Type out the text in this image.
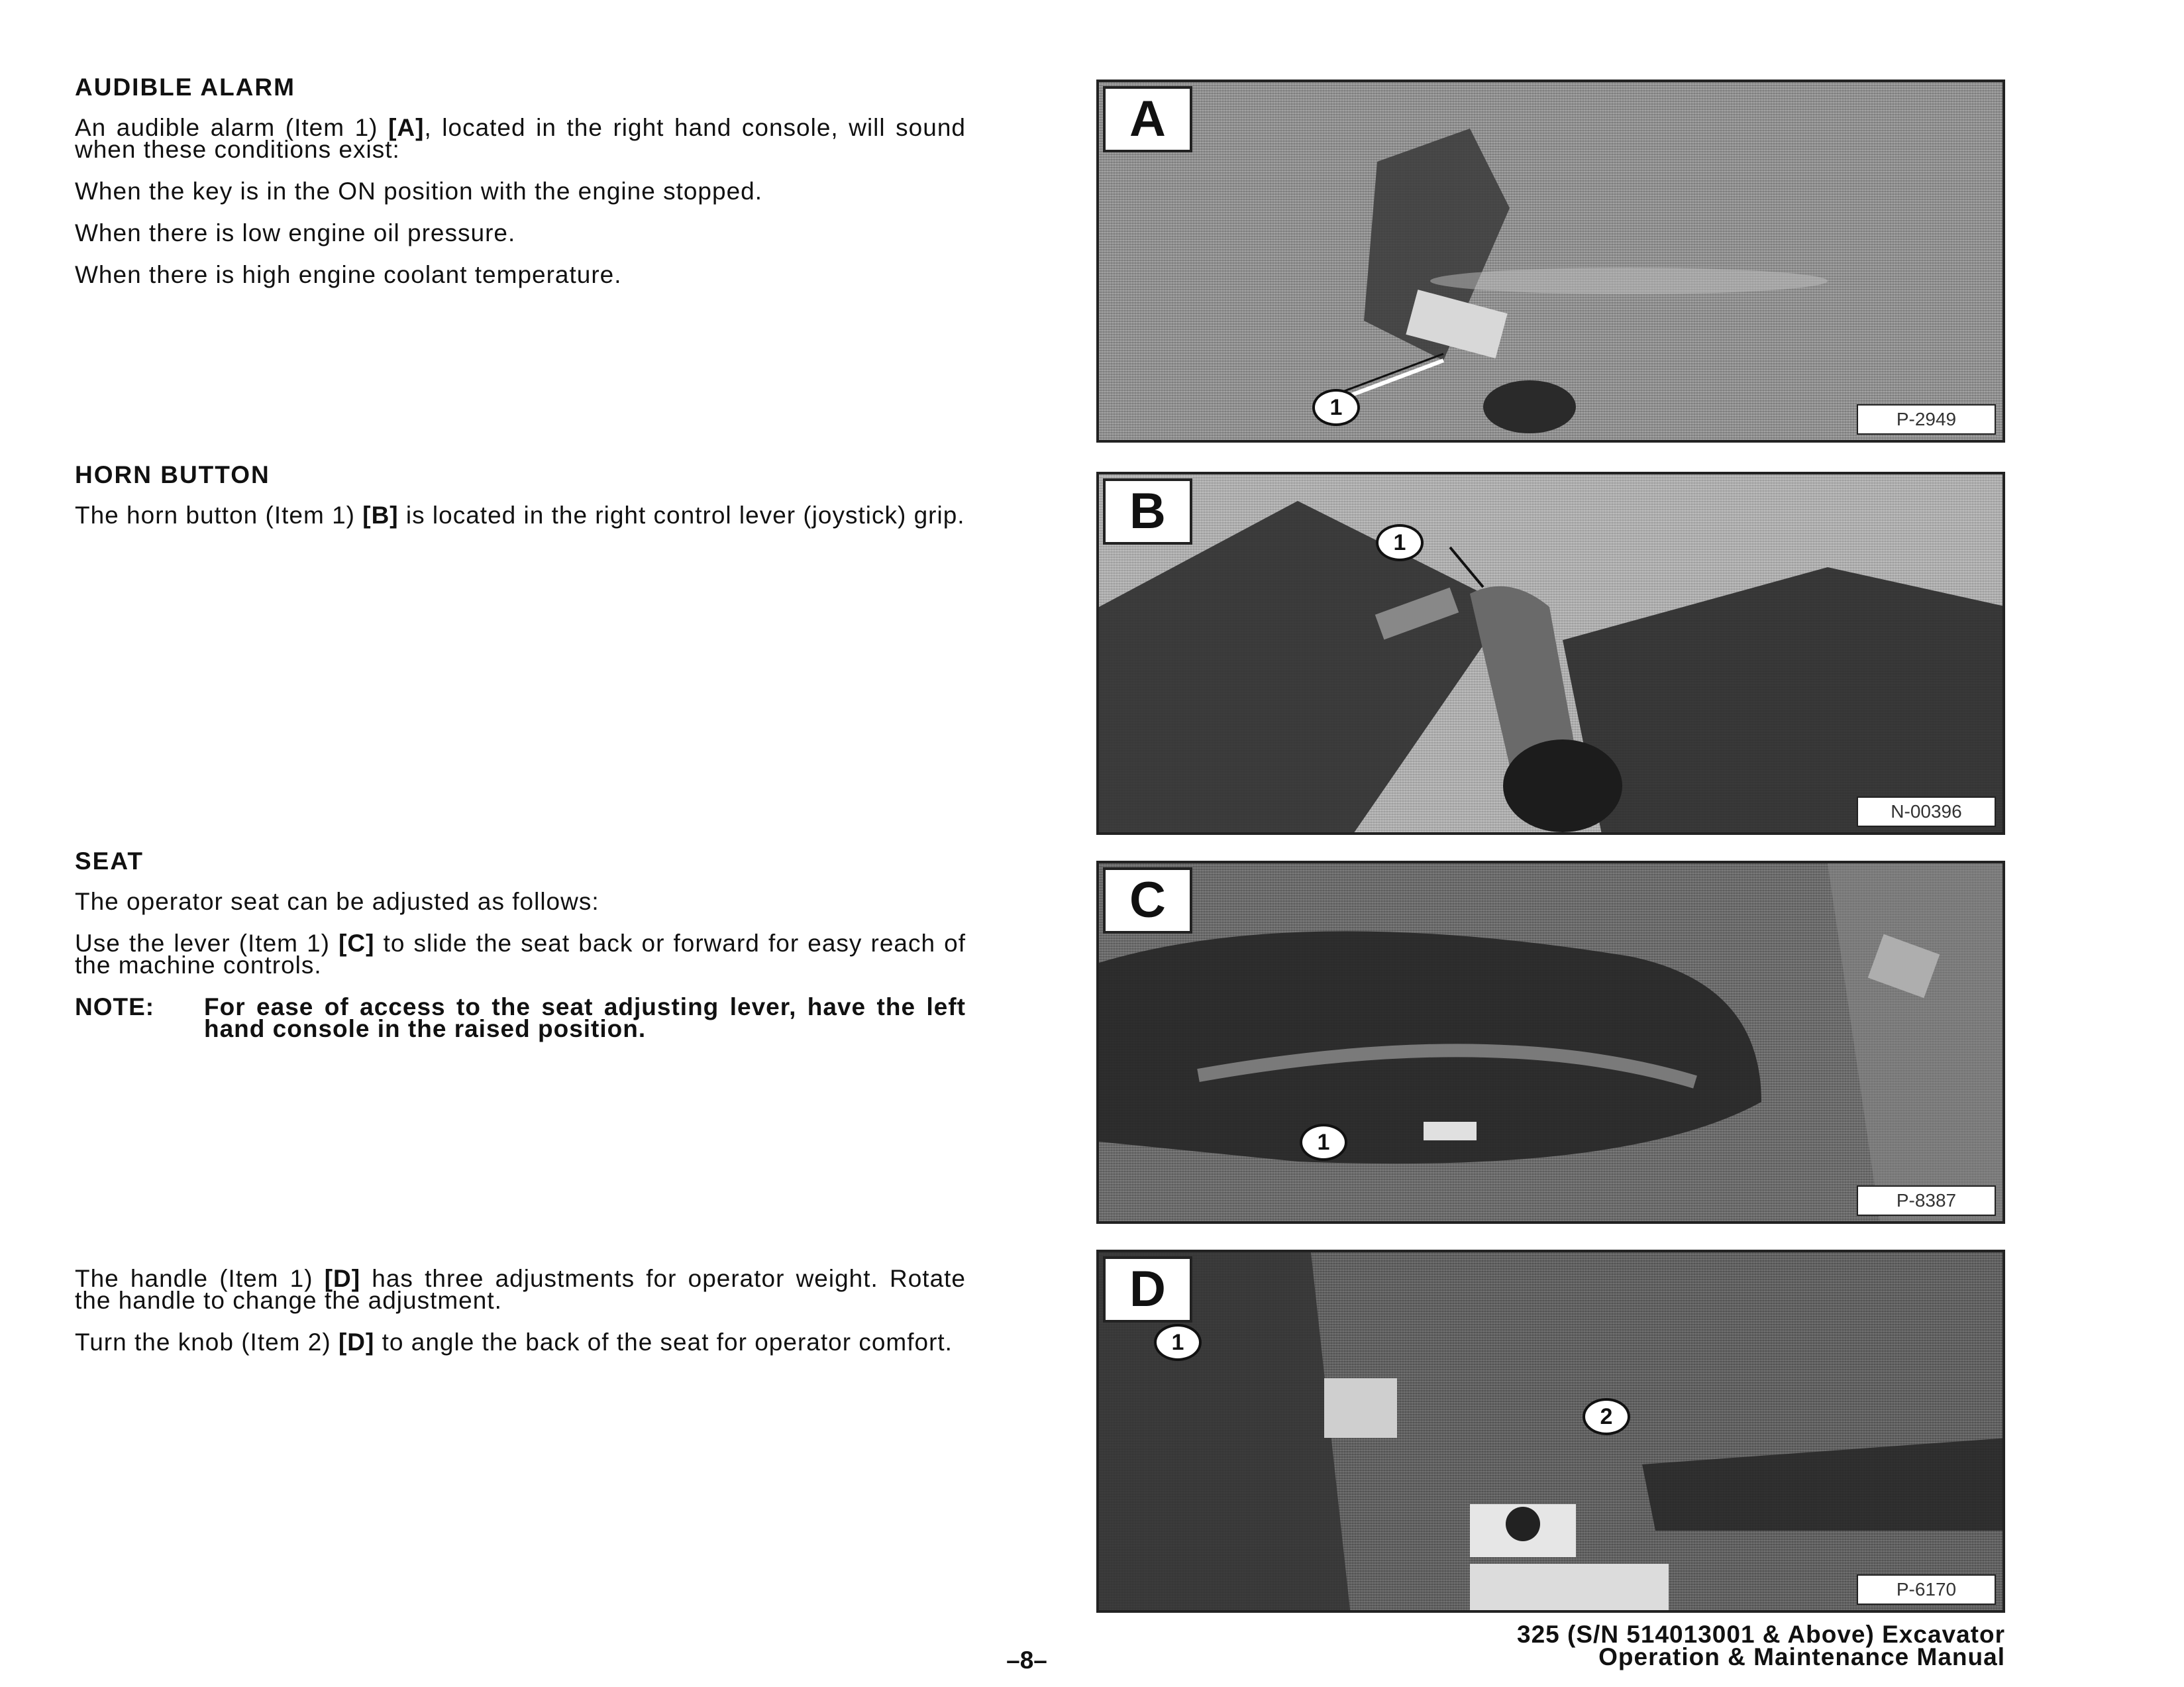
AUDIBLE ALARM

An audible alarm (Item 1) [A], located in the right hand console, will sound when these conditions exist:

When the key is in the ON position with the engine stopped.

When there is low engine oil pressure.

When there is high engine coolant temperature.

HORN BUTTON

The horn button (Item 1) [B] is located in the right control lever (joystick) grip.

SEAT

The operator seat can be adjusted as follows:

Use the lever (Item 1) [C] to slide the seat back or forward for easy reach of the machine controls.

NOTE:	For ease of access to the seat adjusting lever, have the left hand console in the raised position.

The handle (Item 1) [D] has three adjustments for operator weight. Rotate the handle to change the adjustment.

Turn the knob (Item 2) [D] to angle the back of the seat for operator comfort.

A
1	P-2949
B
1
N-00396
C
1
P-8387
D
1
2
P-6170
–8–
325 (S/N 514013001 & Above) Excavator
Operation & Maintenance Manual
